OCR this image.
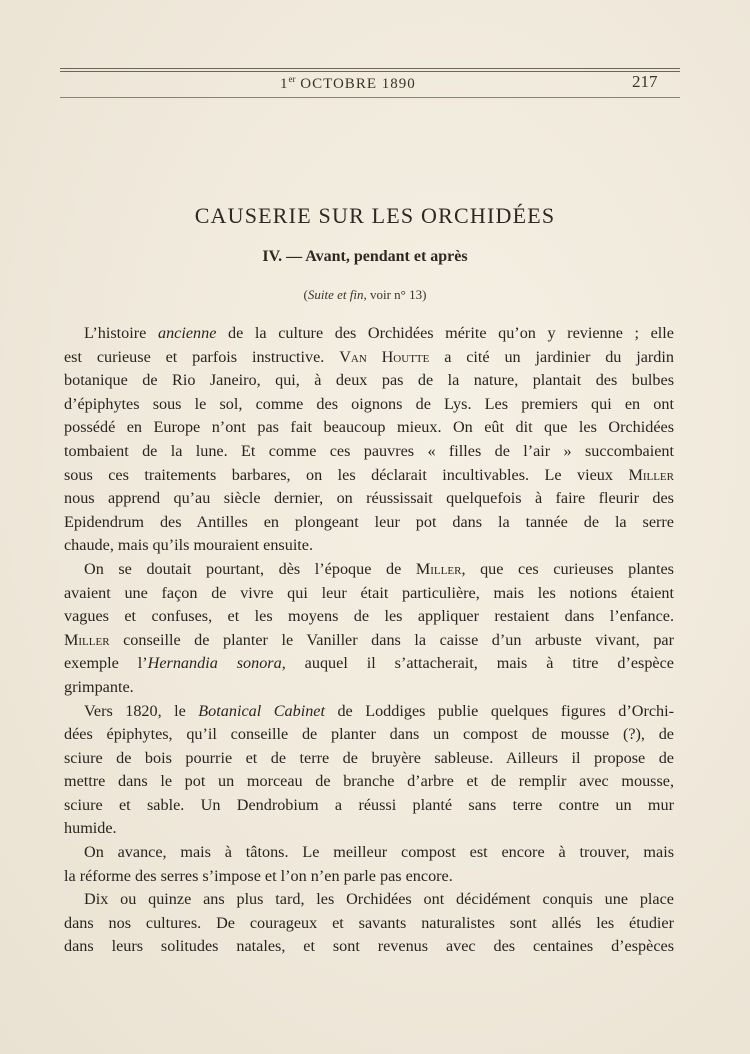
1er OCTOBRE 1890	217
CAUSERIE SUR LES ORCHIDÉES
IV. — Avant, pendant et après
(Suite et fin, voir n° 13)
L’histoire ancienne de la culture des Orchidées mérite qu’on y revienne ; elle
est curieuse et parfois instructive. Van Houtte a cité un jardinier du jardin
botanique de Rio Janeiro, qui, à deux pas de la nature, plantait des bulbes
d’épiphytes sous le sol, comme des oignons de Lys. Les premiers qui en ont
possédé en Europe n’ont pas fait beaucoup mieux. On eût dit que les Orchidées
tombaient de la lune. Et comme ces pauvres « filles de l’air » succombaient
sous ces traitements barbares, on les déclarait incultivables. Le vieux Miller
nous apprend qu’au siècle dernier, on réussissait quelquefois à faire fleurir des
Epidendrum des Antilles en plongeant leur pot dans la tannée de la serre
chaude, mais qu’ils mouraient ensuite.
On se doutait pourtant, dès l’époque de Miller, que ces curieuses plantes
avaient une façon de vivre qui leur était particulière, mais les notions étaient
vagues et confuses, et les moyens de les appliquer restaient dans l’enfance.
Miller conseille de planter le Vaniller dans la caisse d’un arbuste vivant, par
exemple l’Hernandia sonora, auquel il s’attacherait, mais à titre d’espèce
grimpante.
Vers 1820, le Botanical Cabinet de Loddiges publie quelques figures d’Orchi-
dées épiphytes, qu’il conseille de planter dans un compost de mousse (?), de
sciure de bois pourrie et de terre de bruyère sableuse. Ailleurs il propose de
mettre dans le pot un morceau de branche d’arbre et de remplir avec mousse,
sciure et sable. Un Dendrobium a réussi planté sans terre contre un mur
humide.
On avance, mais à tâtons. Le meilleur compost est encore à trouver, mais
la réforme des serres s’impose et l’on n’en parle pas encore.
Dix ou quinze ans plus tard, les Orchidées ont décidément conquis une place
dans nos cultures. De courageux et savants naturalistes sont allés les étudier
dans leurs solitudes natales, et sont revenus avec des centaines d’espèces
